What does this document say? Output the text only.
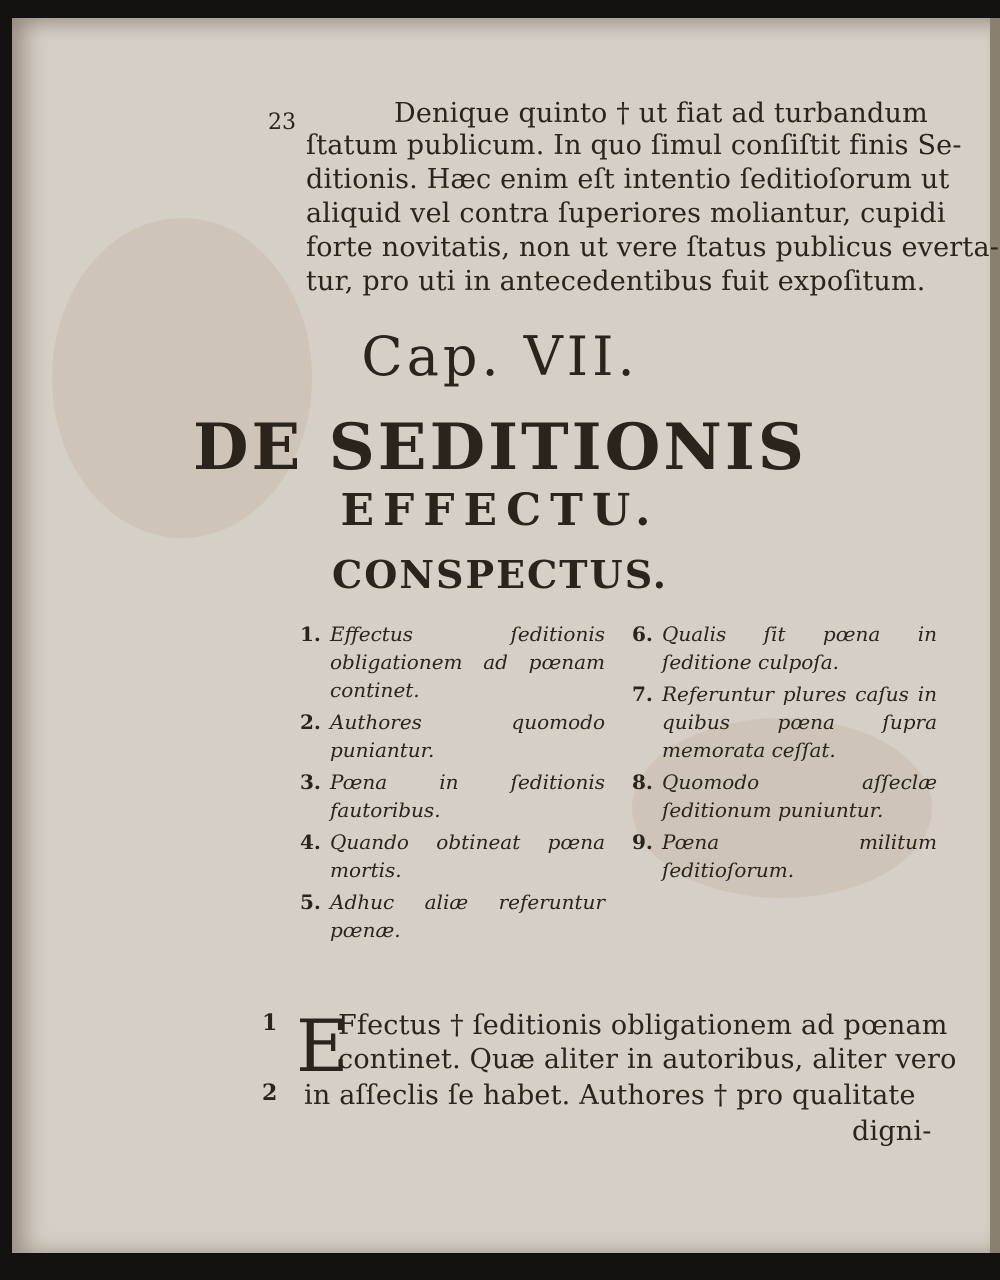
23	Denique quinto † ut fiat ad turbandum
ſtatum publicum. In quo ſimul conſiſtit finis Se-
ditionis. Hæc enim eſt intentio ſeditioſorum ut
aliquid vel contra ſuperiores moliantur, cupidi
forte novitatis, non ut vere ſtatus publicus everta-
tur, pro uti in antecedentibus fuit expoſitum.
Cap. VII.
DE SEDITIONIS
EFFECTU.
CONSPECTUS.
1. Effectus ſeditionis obligationem ad pœnam continet.
2. Authores quomodo puniantur.
3. Pœna in ſeditionis fautoribus.
4. Quando obtineat pœna mortis.
5. Adhuc aliæ referuntur pœnæ.
6. Qualis ſit pœna in ſeditione culpoſa.
7. Referuntur plures caſus in quibus pœna ſupra memorata ceſſat.
8. Quomodo aſſeclæ ſeditionum puniuntur.
9. Pœna militum ſeditioſorum.
1
2
E
Ffectus † ſeditionis obligationem ad pœnam
continet. Quæ aliter in autoribus, aliter vero
in aſſeclis ſe habet. Authores † pro qualitate
digni-
